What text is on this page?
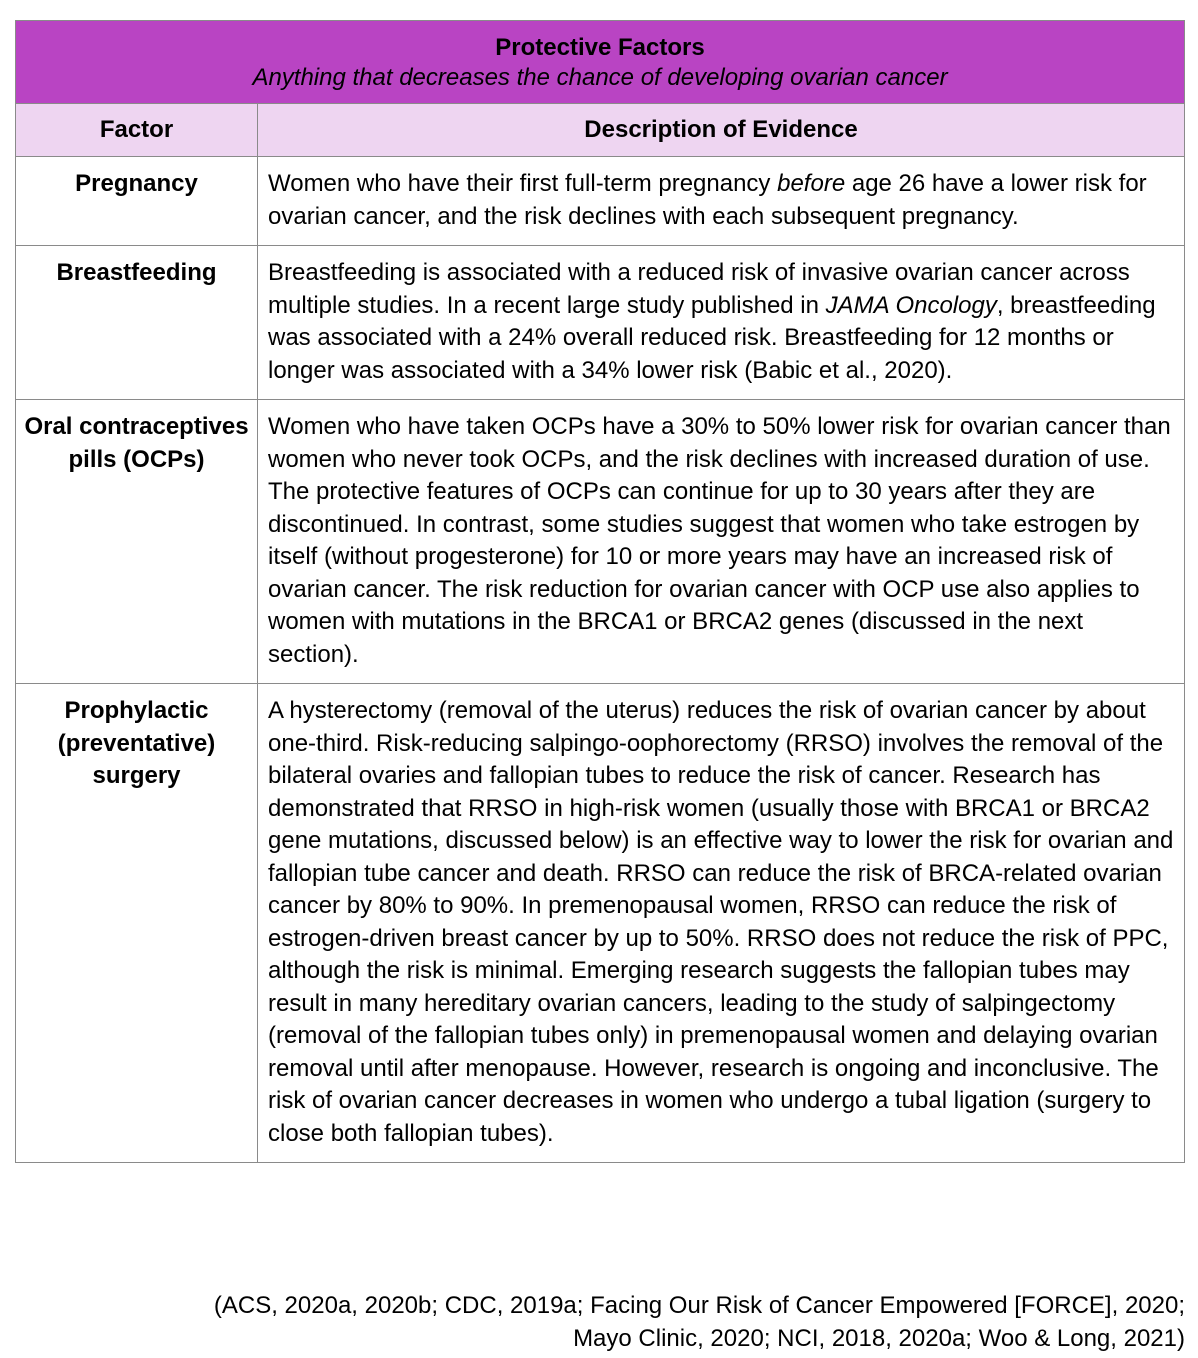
Protective Factors
Anything that decreases the chance of developing ovarian cancer	

Factor	Description of Evidence
Pregnancy	Women who have their first full-term pregnancy before age 26 have a lower risk for ovarian cancer, and the risk declines with each subsequent pregnancy.
Breastfeeding	Breastfeeding is associated with a reduced risk of invasive ovarian cancer across multiple studies. In a recent large study published in JAMA Oncology, breastfeeding was associated with a 24% overall reduced risk. Breastfeeding for 12 months or longer was associated with a 34% lower risk (Babic et al., 2020).
Oral contraceptives pills (OCPs)	Women who have taken OCPs have a 30% to 50% lower risk for ovarian cancer than women who never took OCPs, and the risk declines with increased duration of use. The protective features of OCPs can continue for up to 30 years after they are discontinued. In contrast, some studies suggest that women who take estrogen by itself (without progesterone) for 10 or more years may have an increased risk of ovarian cancer. The risk reduction for ovarian cancer with OCP use also applies to women with mutations in the BRCA1 or BRCA2 genes (discussed in the next section).
Prophylactic (preventative) surgery	A hysterectomy (removal of the uterus) reduces the risk of ovarian cancer by about one-third. Risk-reducing salpingo-oophorectomy (RRSO) involves the removal of the bilateral ovaries and fallopian tubes to reduce the risk of cancer. Research has demonstrated that RRSO in high-risk women (usually those with BRCA1 or BRCA2 gene mutations, discussed below) is an effective way to lower the risk for ovarian and fallopian tube cancer and death. RRSO can reduce the risk of BRCA-related ovarian cancer by 80% to 90%. In premenopausal women, RRSO can reduce the risk of estrogen-driven breast cancer by up to 50%. RRSO does not reduce the risk of PPC, although the risk is minimal. Emerging research suggests the fallopian tubes may result in many hereditary ovarian cancers, leading to the study of salpingectomy (removal of the fallopian tubes only) in premenopausal women and delaying ovarian removal until after menopause. However, research is ongoing and inconclusive. The risk of ovarian cancer decreases in women who undergo a tubal ligation (surgery to close both fallopian tubes).
(ACS, 2020a, 2020b; CDC, 2019a; Facing Our Risk of Cancer Empowered [FORCE], 2020;
Mayo Clinic, 2020; NCI, 2018, 2020a; Woo & Long, 2021)
